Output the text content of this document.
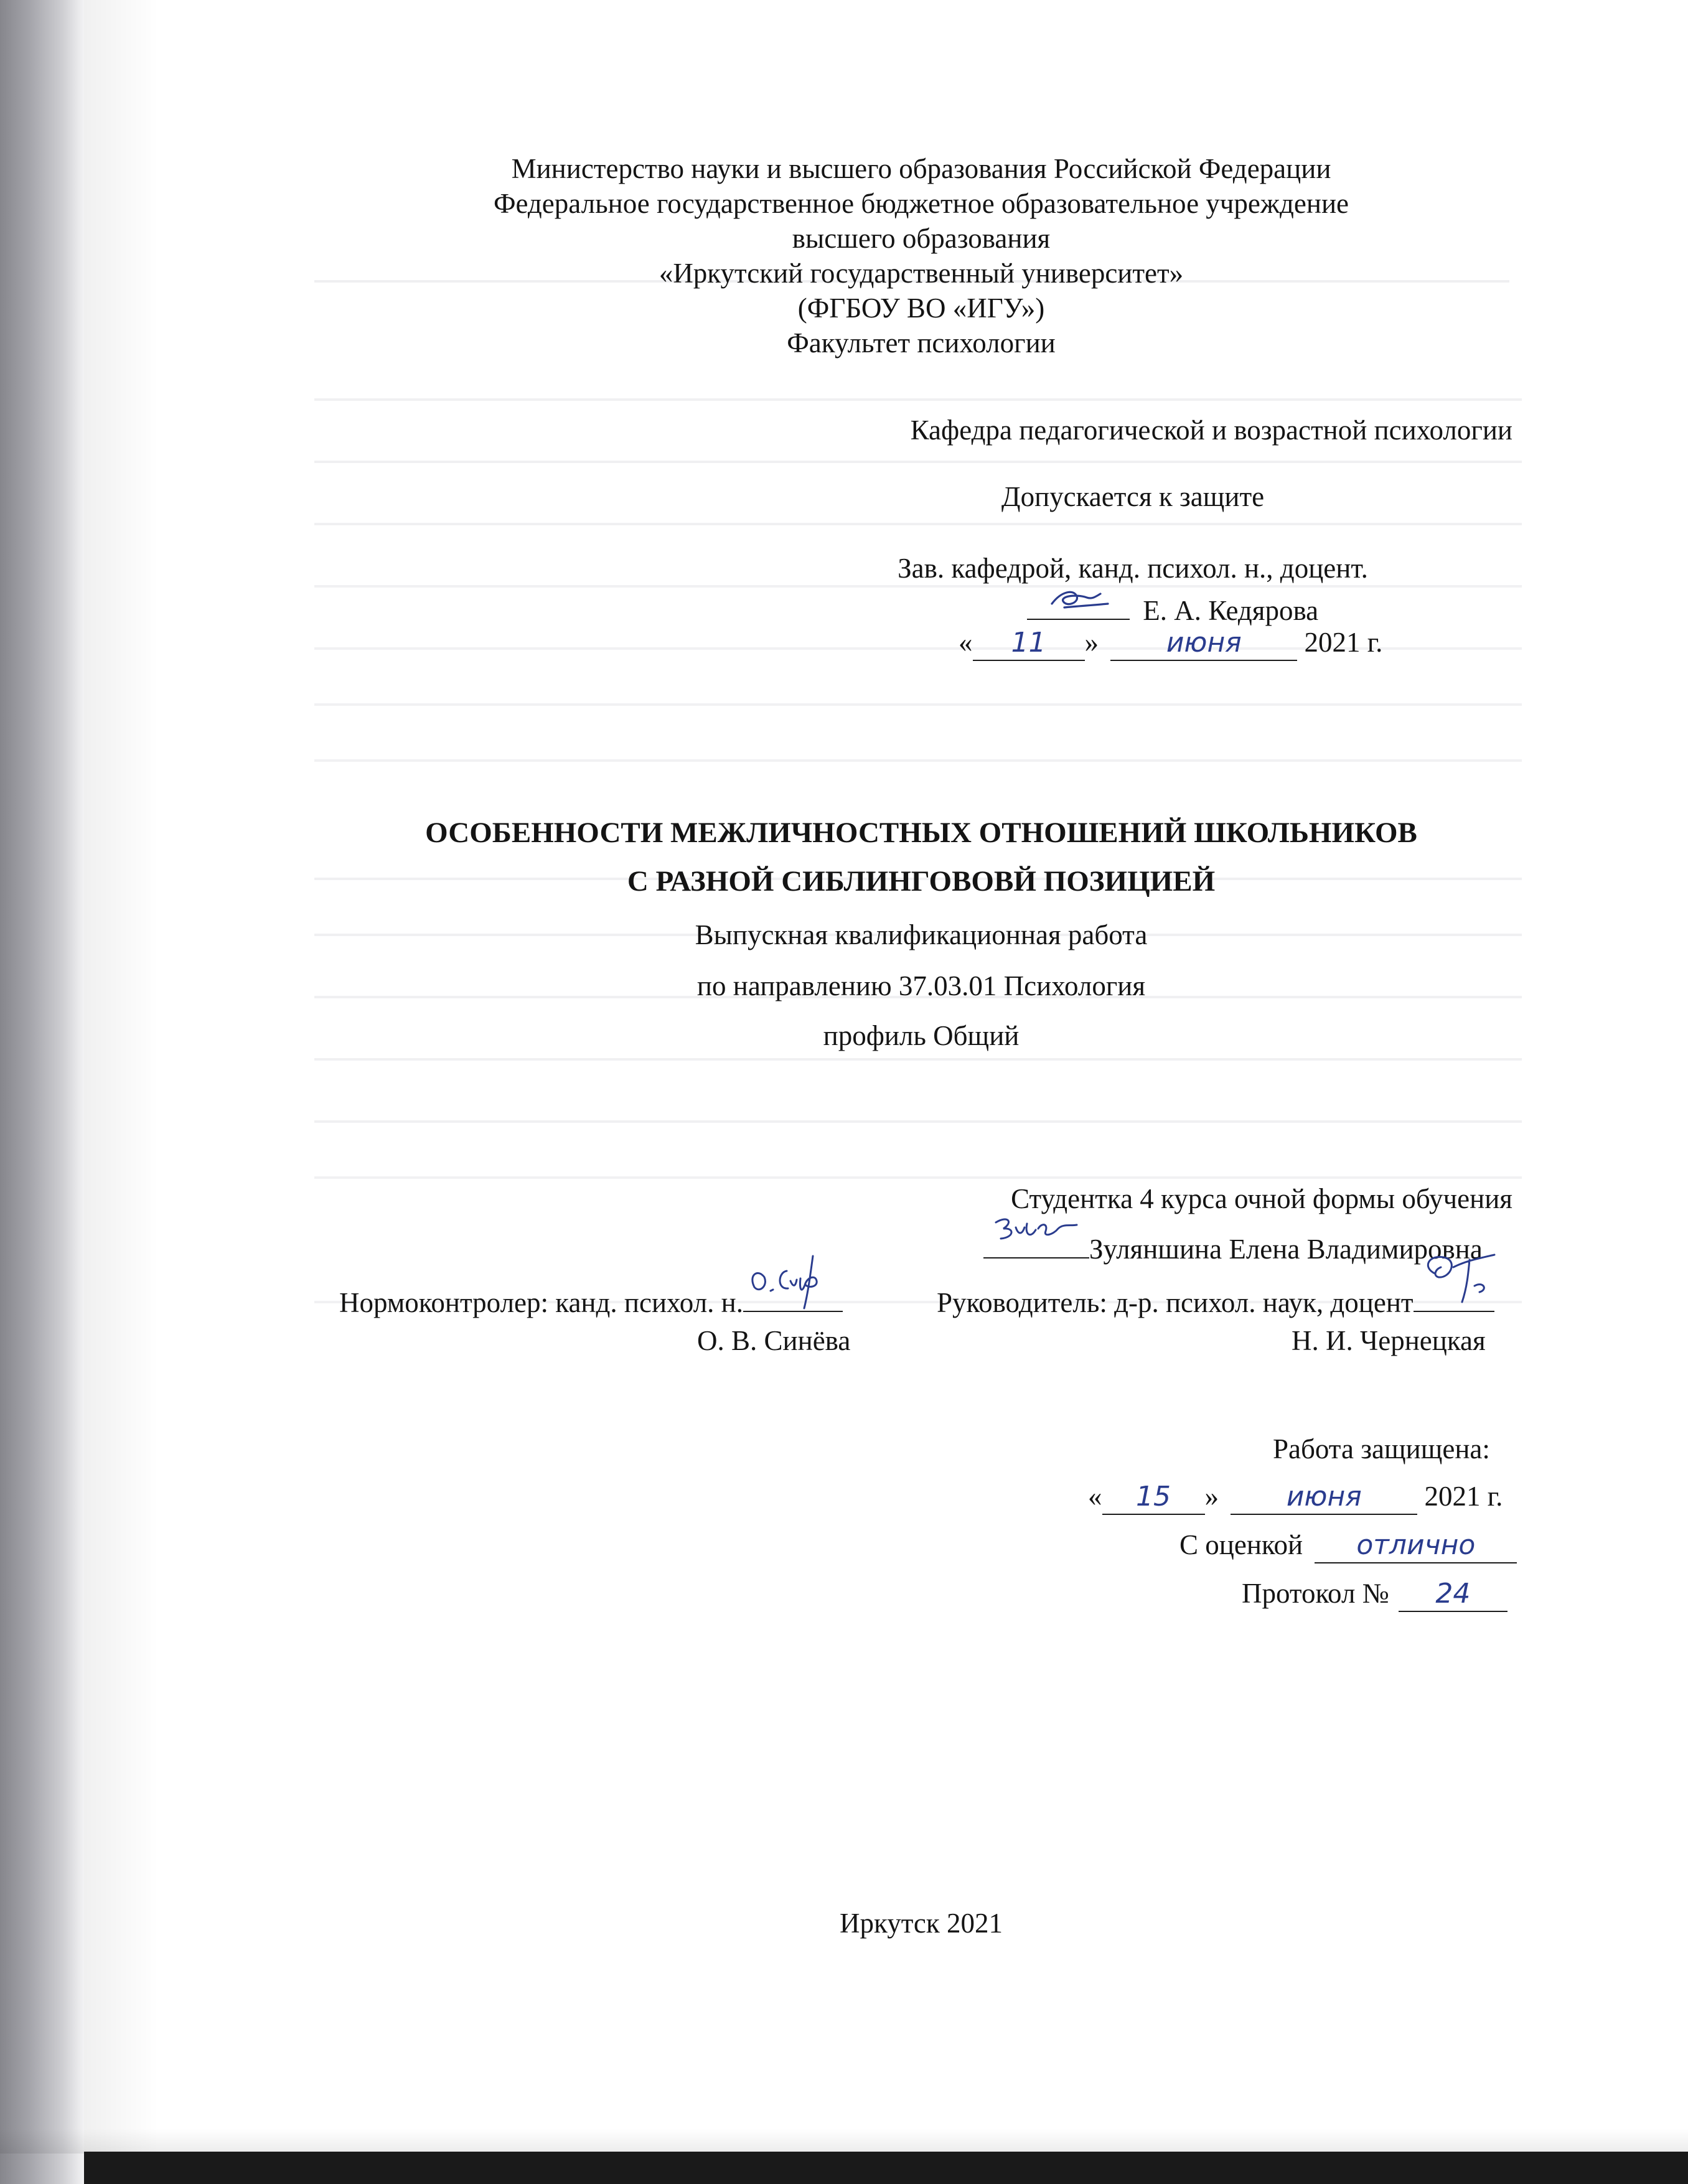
Министерство науки и высшего образования Российской Федерации
Федеральное государственное бюджетное образовательное учреждение
высшего образования
«Иркутский государственный университет»
(ФГБОУ ВО «ИГУ»)
Факультет психологии
Кафедра педагогической и возрастной психологии
Допускается к защите
Зав. кафедрой, канд. психол. н., доцент.
Е. А. Кедярова
« 11 » июня 2021 г.
ОСОБЕННОСТИ МЕЖЛИЧНОСТНЫХ ОТНОШЕНИЙ ШКОЛЬНИКОВ
С РАЗНОЙ СИБЛИНГОВОВЙ ПОЗИЦИЕЙ
Выпускная квалификационная работа
по направлению 37.03.01 Психология
профиль Общий
Студентка 4 курса очной формы обучения
Зуляншина Елена Владимировна
Нормоконтролер: канд. психол. н.
О. В. Синёва
Руководитель: д-р. психол. наук, доцент
Н. И. Чернецкая
Работа защищена:
« 15 » июня 2021 г.
С оценкой отлично
Протокол № 24
Иркутск 2021
